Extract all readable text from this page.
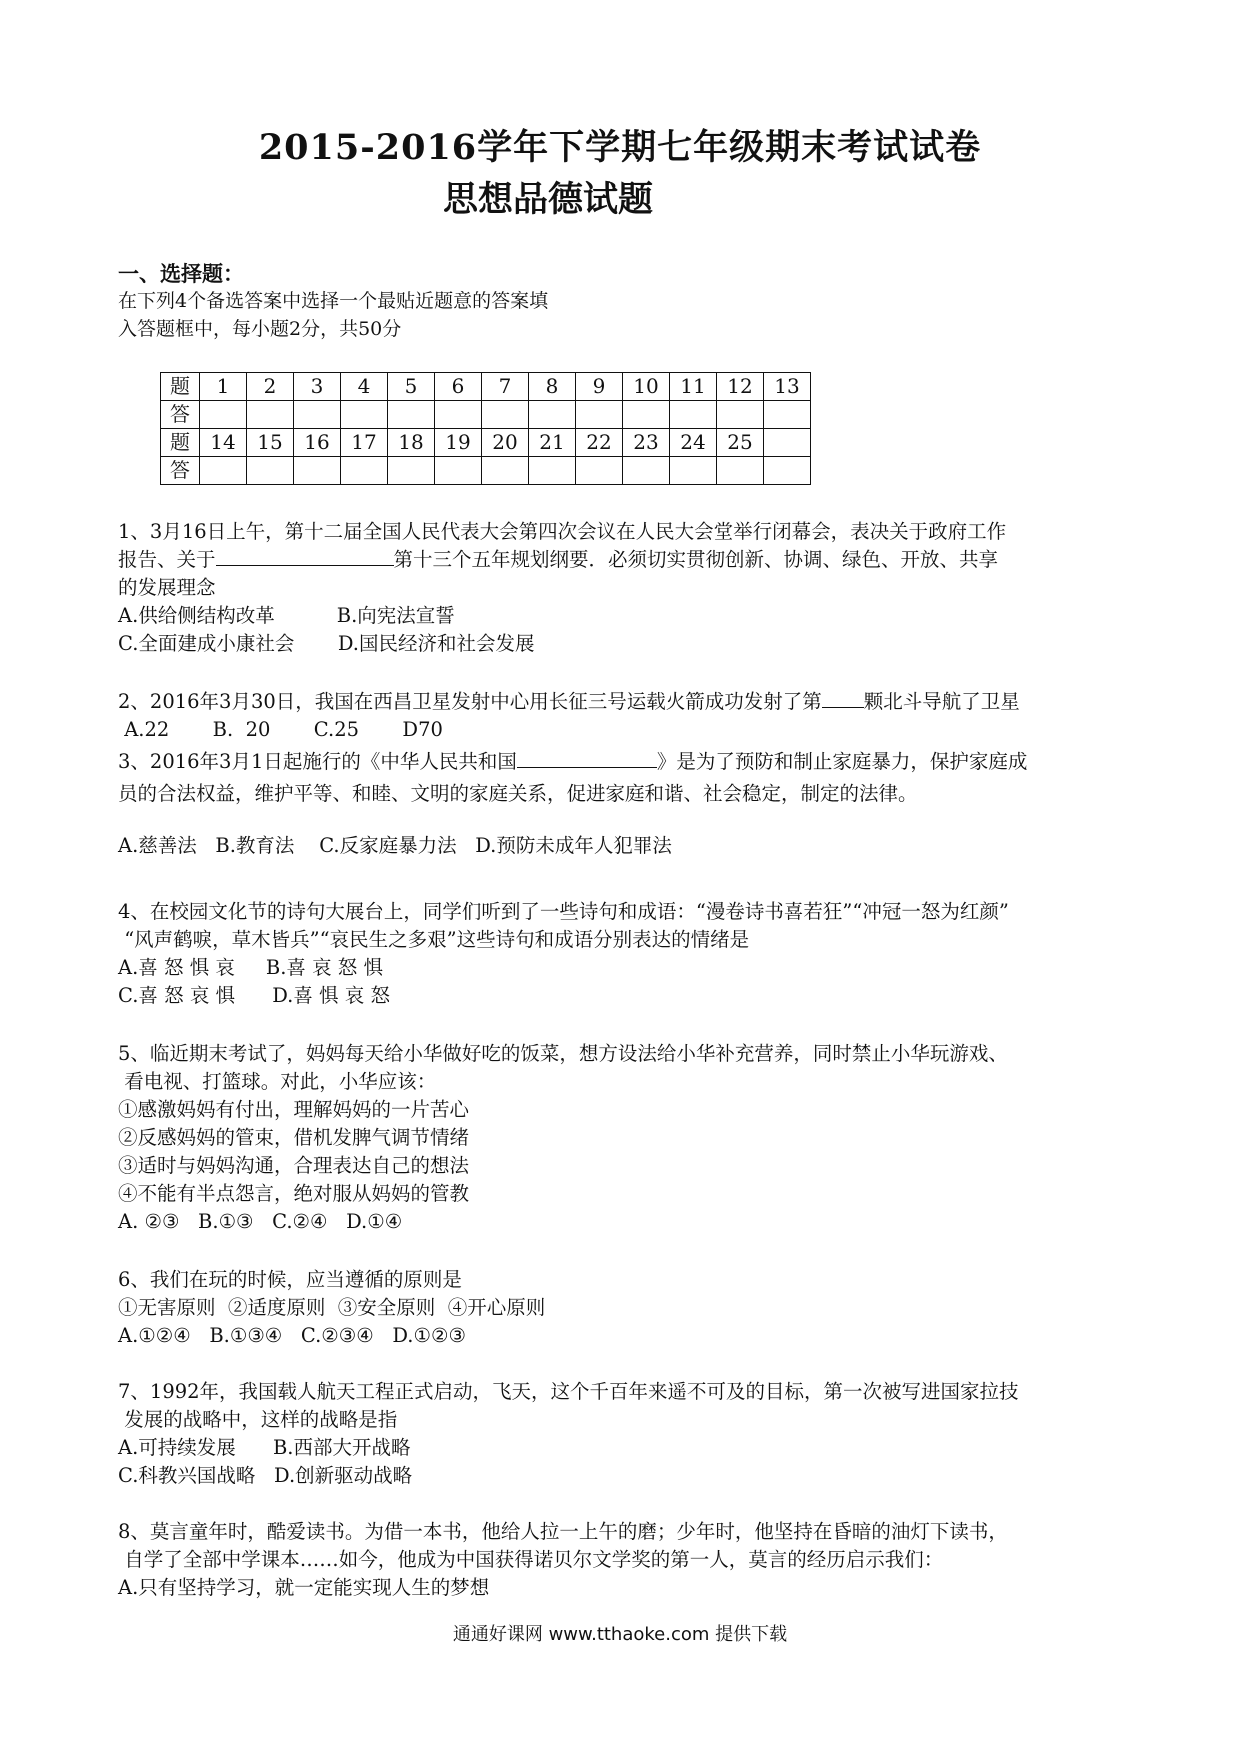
2015-2016学年下学期七年级期末考试试卷
思想品德试题
一、选择题：
在下列4个备选答案中选择一个最贴近题意的答案填
入答题框中，每小题2分，共50分
题	1	2	3	4	5	6	7	8	9	10	11	12	13
答													
题	14	15	16	17	18	19	20	21	22	23	24	25	
答													
1、3月16日上午，第十二届全国人民代表大会第四次会议在人民大会堂举行闭幕会，表决关于政府工作
报告、关于	第十三个五年规划纲要．必须切实贯彻创新、协调、绿色、开放、共享
的发展理念
A.供给侧结构改革          B.向宪法宣誓
C.全面建成小康社会       D.国民经济和社会发展
2、2016年3月30日，我国在西昌卫星发射中心用长征三号运载火箭成功发射了第 颗北斗导航了卫星
A.22       B.  20       C.25       D70
3、2016年3月1日起施行的《中华人民共和国	》是为了预防和制止家庭暴力，保护家庭成
员的合法权益，维护平等、和睦、文明的家庭关系，促进家庭和谐、社会稳定，制定的法律。
A.慈善法   B.教育法    C.反家庭暴力法   D.预防未成年人犯罪法
4、在校园文化节的诗句大展台上，同学们听到了一些诗句和成语：“漫卷诗书喜若狂”“冲冠一怒为红颜”
“风声鹤唳，草木皆兵”“哀民生之多艰”这些诗句和成语分别表达的情绪是
A.喜 怒 惧 哀     B.喜 哀 怒 惧
C.喜 怒 哀 惧      D.喜 惧 哀 怒
5、临近期末考试了，妈妈每天给小华做好吃的饭菜，想方设法给小华补充营养，同时禁止小华玩游戏、
看电视、打篮球。对此，小华应该：
①感激妈妈有付出，理解妈妈的一片苦心
②反感妈妈的管束，借机发脾气调节情绪
③适时与妈妈沟通，合理表达自己的想法
④不能有半点怨言，绝对服从妈妈的管教
A. ②③   B.①③   C.②④   D.①④
6、我们在玩的时候，应当遵循的原则是
①无害原则  ②适度原则  ③安全原则  ④开心原则
A.①②④   B.①③④   C.②③④   D.①②③
7、1992年，我国载人航天工程正式启动，飞天，这个千百年来遥不可及的目标，第一次被写进国家拉技
发展的战略中，这样的战略是指
A.可持续发展      B.西部大开战略
C.科教兴国战略   D.创新驱动战略
8、莫言童年时，酷爱读书。为借一本书，他给人拉一上午的磨；少年时，他坚持在昏暗的油灯下读书，
自学了全部中学课本……如今，他成为中国获得诺贝尔文学奖的第一人，莫言的经历启示我们：
A.只有坚持学习，就一定能实现人生的梦想
通通好课网 www.tthaoke.com 提供下载
